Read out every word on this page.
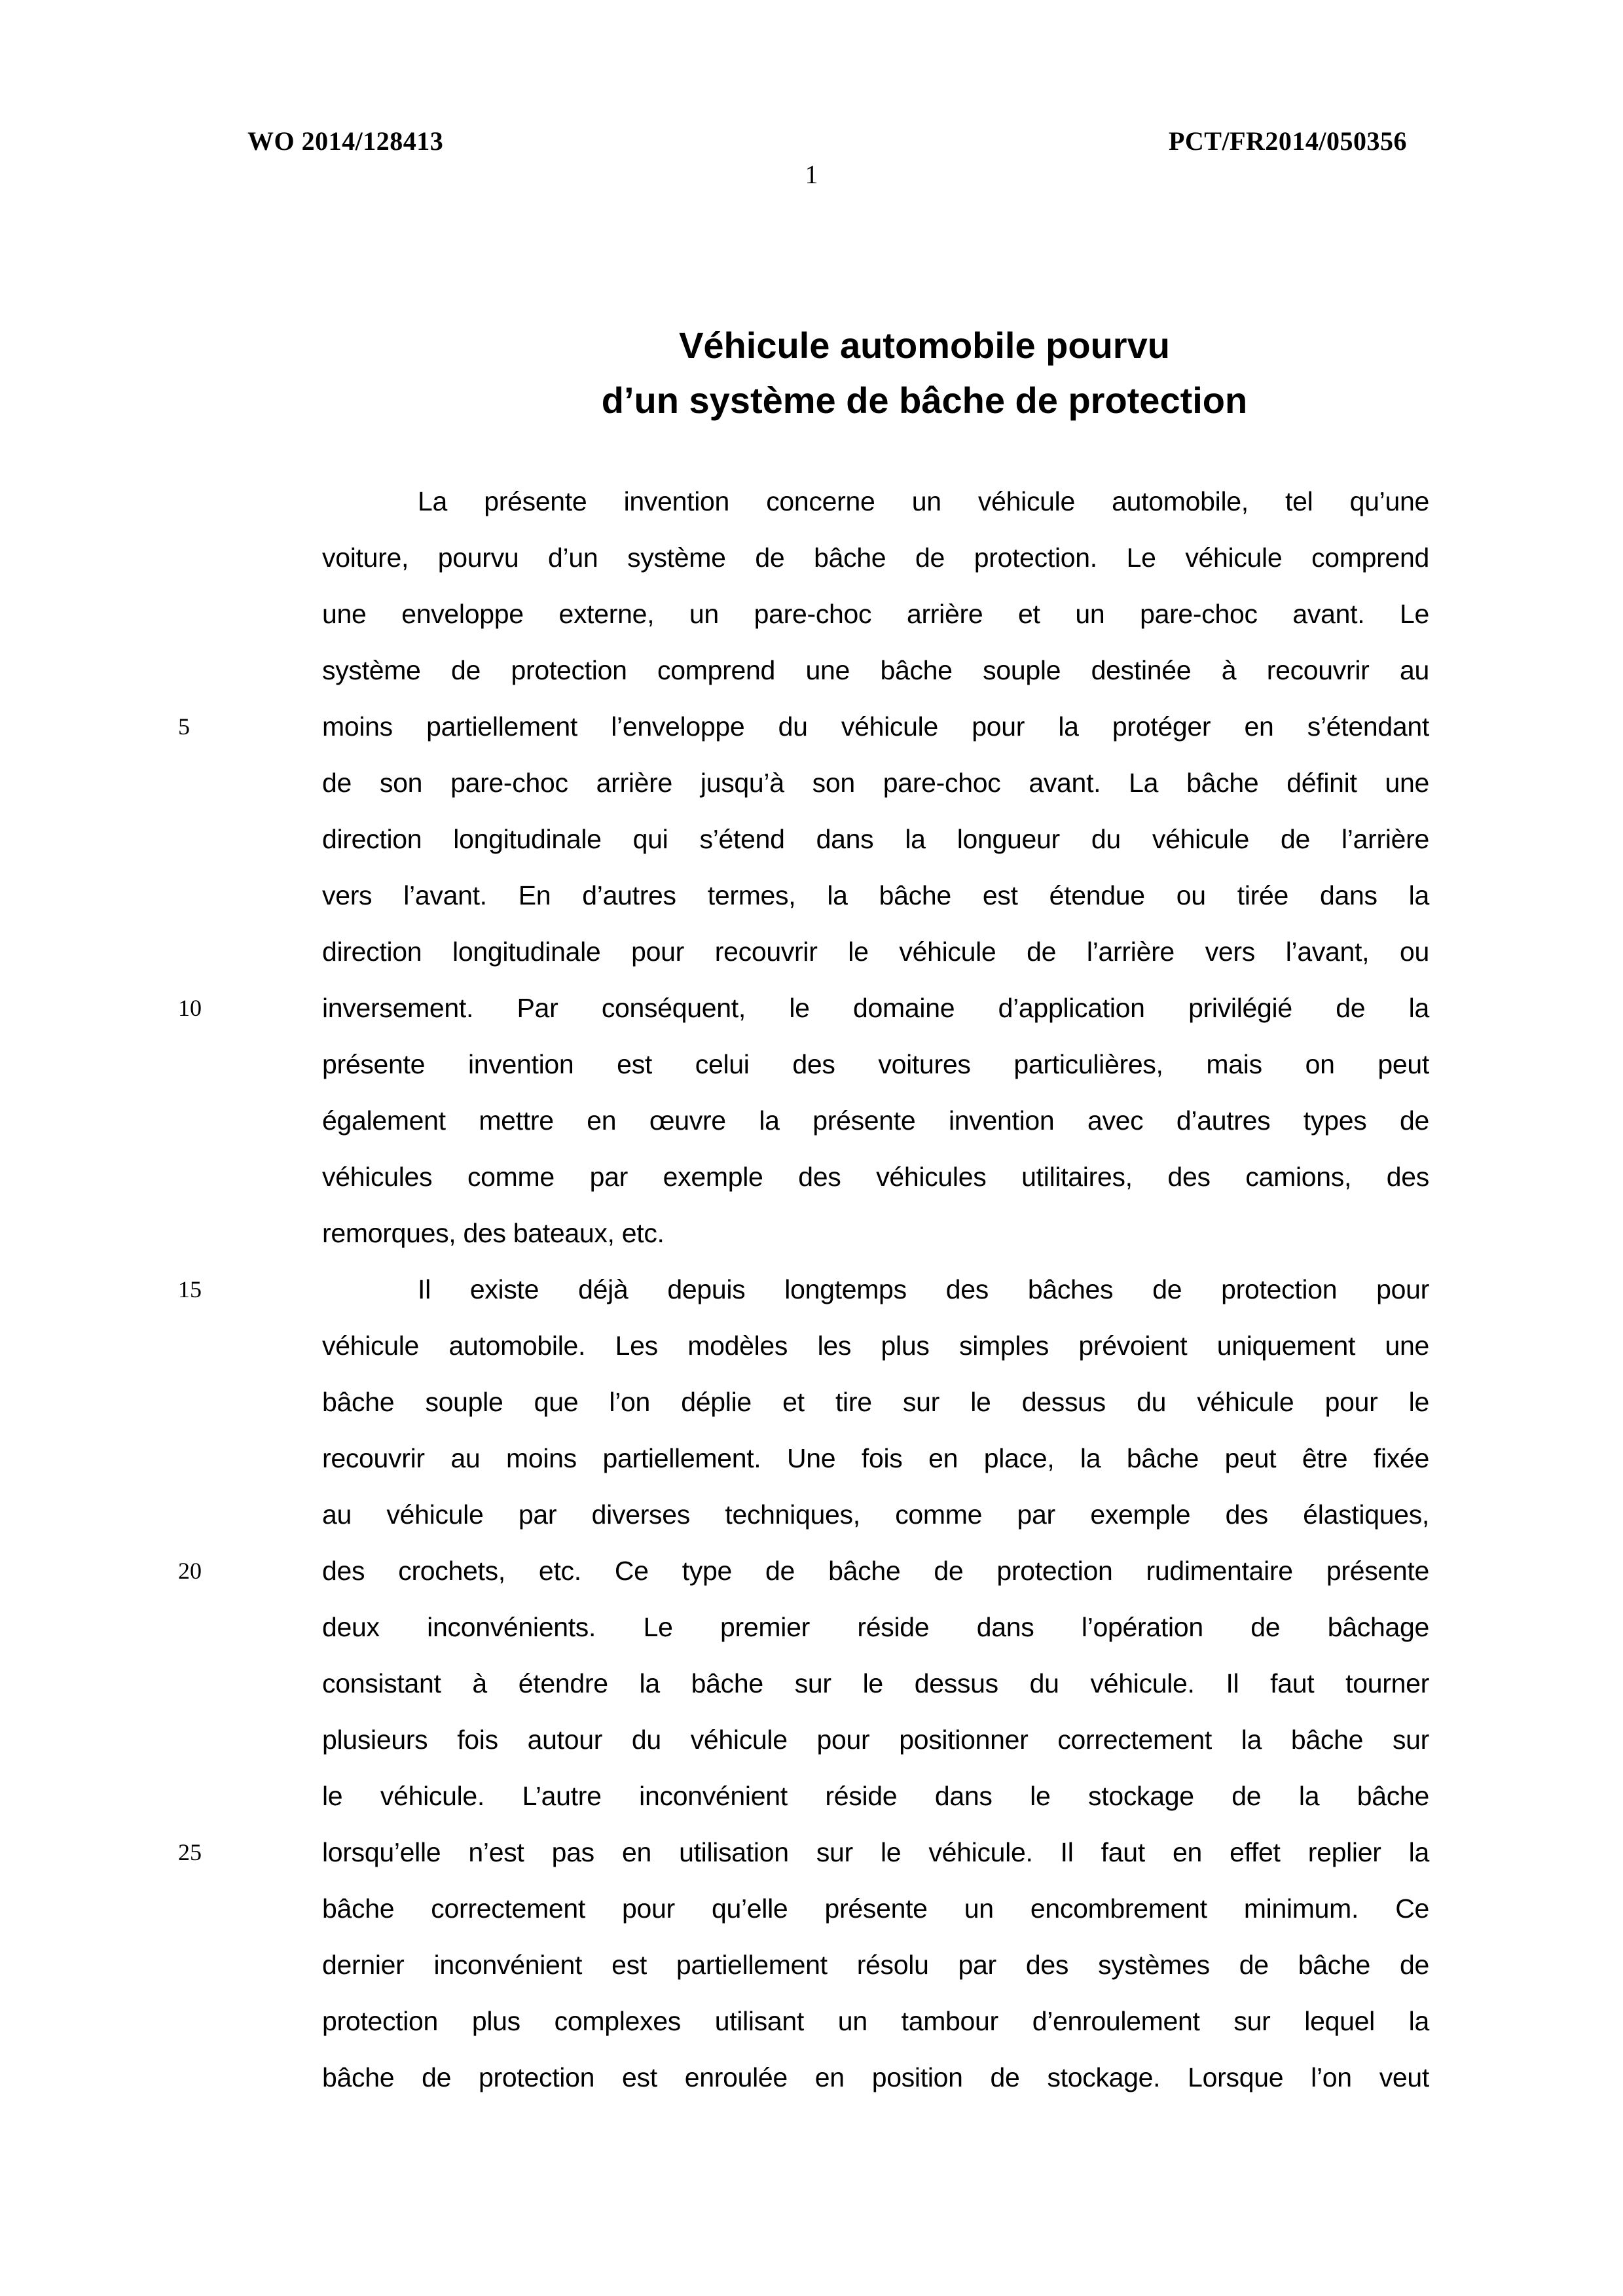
WO 2014/128413	PCT/FR2014/050356
1
Véhicule automobile pourvu
d’un système de bâche de protection
La présente invention concerne un véhicule automobile, tel qu’une
voiture, pourvu d’un système de bâche de protection. Le véhicule comprend
une enveloppe externe, un pare-choc arrière et un pare-choc avant. Le
système de protection comprend une bâche souple destinée à recouvrir au
5	moins partiellement l’enveloppe du véhicule pour la protéger en s’étendant
de son pare-choc arrière jusqu’à son pare-choc avant. La bâche définit une
direction longitudinale qui s’étend dans la longueur du véhicule de l’arrière
vers l’avant. En d’autres termes, la bâche est étendue ou tirée dans la
direction longitudinale pour recouvrir le véhicule de l’arrière vers l’avant, ou
10	inversement. Par conséquent, le domaine d’application privilégié de la
présente invention est celui des voitures particulières, mais on peut
également mettre en œuvre la présente invention avec d’autres types de
véhicules comme par exemple des véhicules utilitaires, des camions, des
remorques, des bateaux, etc.
15	Il existe déjà depuis longtemps des bâches de protection pour
véhicule automobile. Les modèles les plus simples prévoient uniquement une
bâche souple que l’on déplie et tire sur le dessus du véhicule pour le
recouvrir au moins partiellement. Une fois en place, la bâche peut être fixée
au véhicule par diverses techniques, comme par exemple des élastiques,
20	des crochets, etc. Ce type de bâche de protection rudimentaire présente
deux inconvénients. Le premier réside dans l’opération de bâchage
consistant à étendre la bâche sur le dessus du véhicule. Il faut tourner
plusieurs fois autour du véhicule pour positionner correctement la bâche sur
le véhicule. L’autre inconvénient réside dans le stockage de la bâche
25	lorsqu’elle n’est pas en utilisation sur le véhicule. Il faut en effet replier la
bâche correctement pour qu’elle présente un encombrement minimum. Ce
dernier inconvénient est partiellement résolu par des systèmes de bâche de
protection plus complexes utilisant un tambour d’enroulement sur lequel la
bâche de protection est enroulée en position de stockage. Lorsque l’on veut
